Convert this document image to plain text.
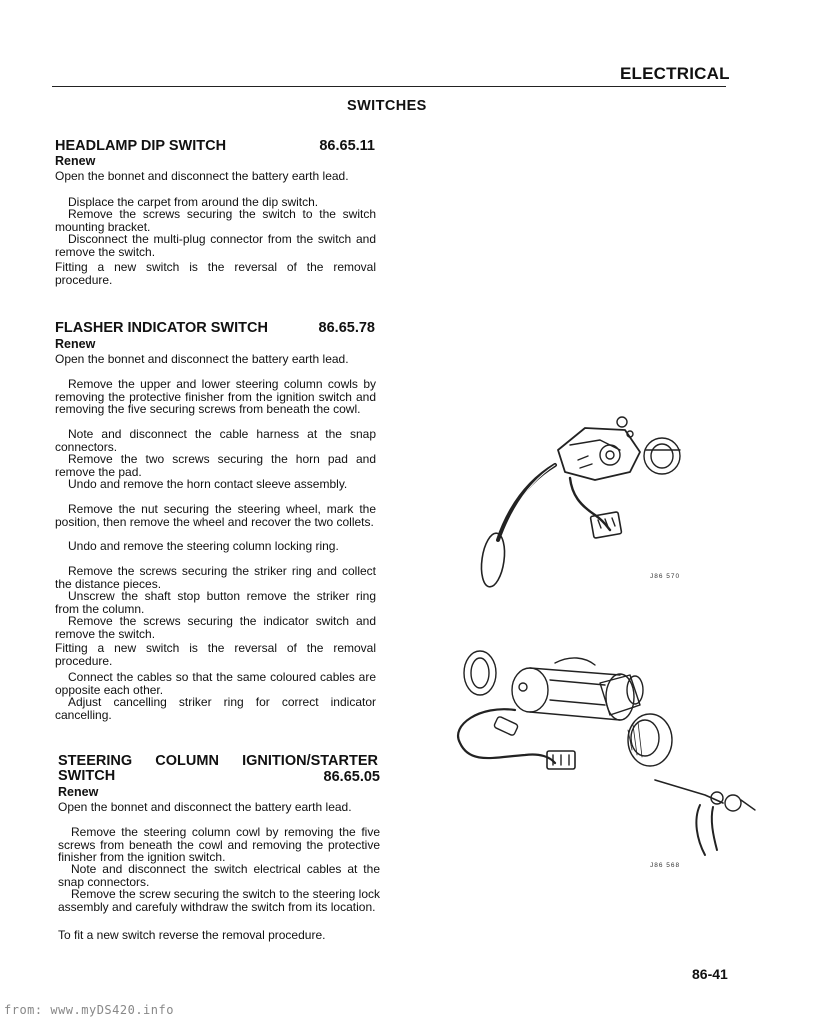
ELECTRICAL
SWITCHES
HEADLAMP DIP SWITCH	86.65.11
Renew
Open the bonnet and disconnect the battery earth lead.
Displace the carpet from around the dip switch.
Remove the screws securing the switch to the switch mounting bracket.
Disconnect the multi-plug connector from the switch and remove the switch.
Fitting a new switch is the reversal of the removal procedure.
FLASHER INDICATOR SWITCH	86.65.78
Renew
Open the bonnet and disconnect the battery earth lead.
Remove the upper and lower steering column cowls by removing the protective finisher from the ignition switch and removing the five securing screws from beneath the cowl.
Note and disconnect the cable harness at the snap connectors.
Remove the two screws securing the horn pad and remove the pad.
Undo and remove the horn contact sleeve assembly.
Remove the nut securing the steering wheel, mark the position, then remove the wheel and recover the two collets.
Undo and remove the steering column locking ring.
Remove the screws securing the striker ring and collect the distance pieces.
Unscrew the shaft stop button remove the striker ring from the column.
Remove the screws securing the indicator switch and remove the switch.
Fitting a new switch is the reversal of the removal procedure.
Connect the cables so that the same coloured cables are opposite each other.
Adjust cancelling striker ring for correct indicator cancelling.
STEERING COLUMN IGNITION/STARTER SWITCH	86.65.05
Renew
Open the bonnet and disconnect the battery earth lead.
Remove the steering column cowl by removing the five screws from beneath the cowl and removing the protective finisher from the ignition switch.
Note and disconnect the switch electrical cables at the snap connectors.
Remove the screw securing the switch to the steering lock assembly and carefuly withdraw the switch from its location.
To fit a new switch reverse the removal procedure.
J86 570
J86 568
86-41
from: www.myDS420.info
